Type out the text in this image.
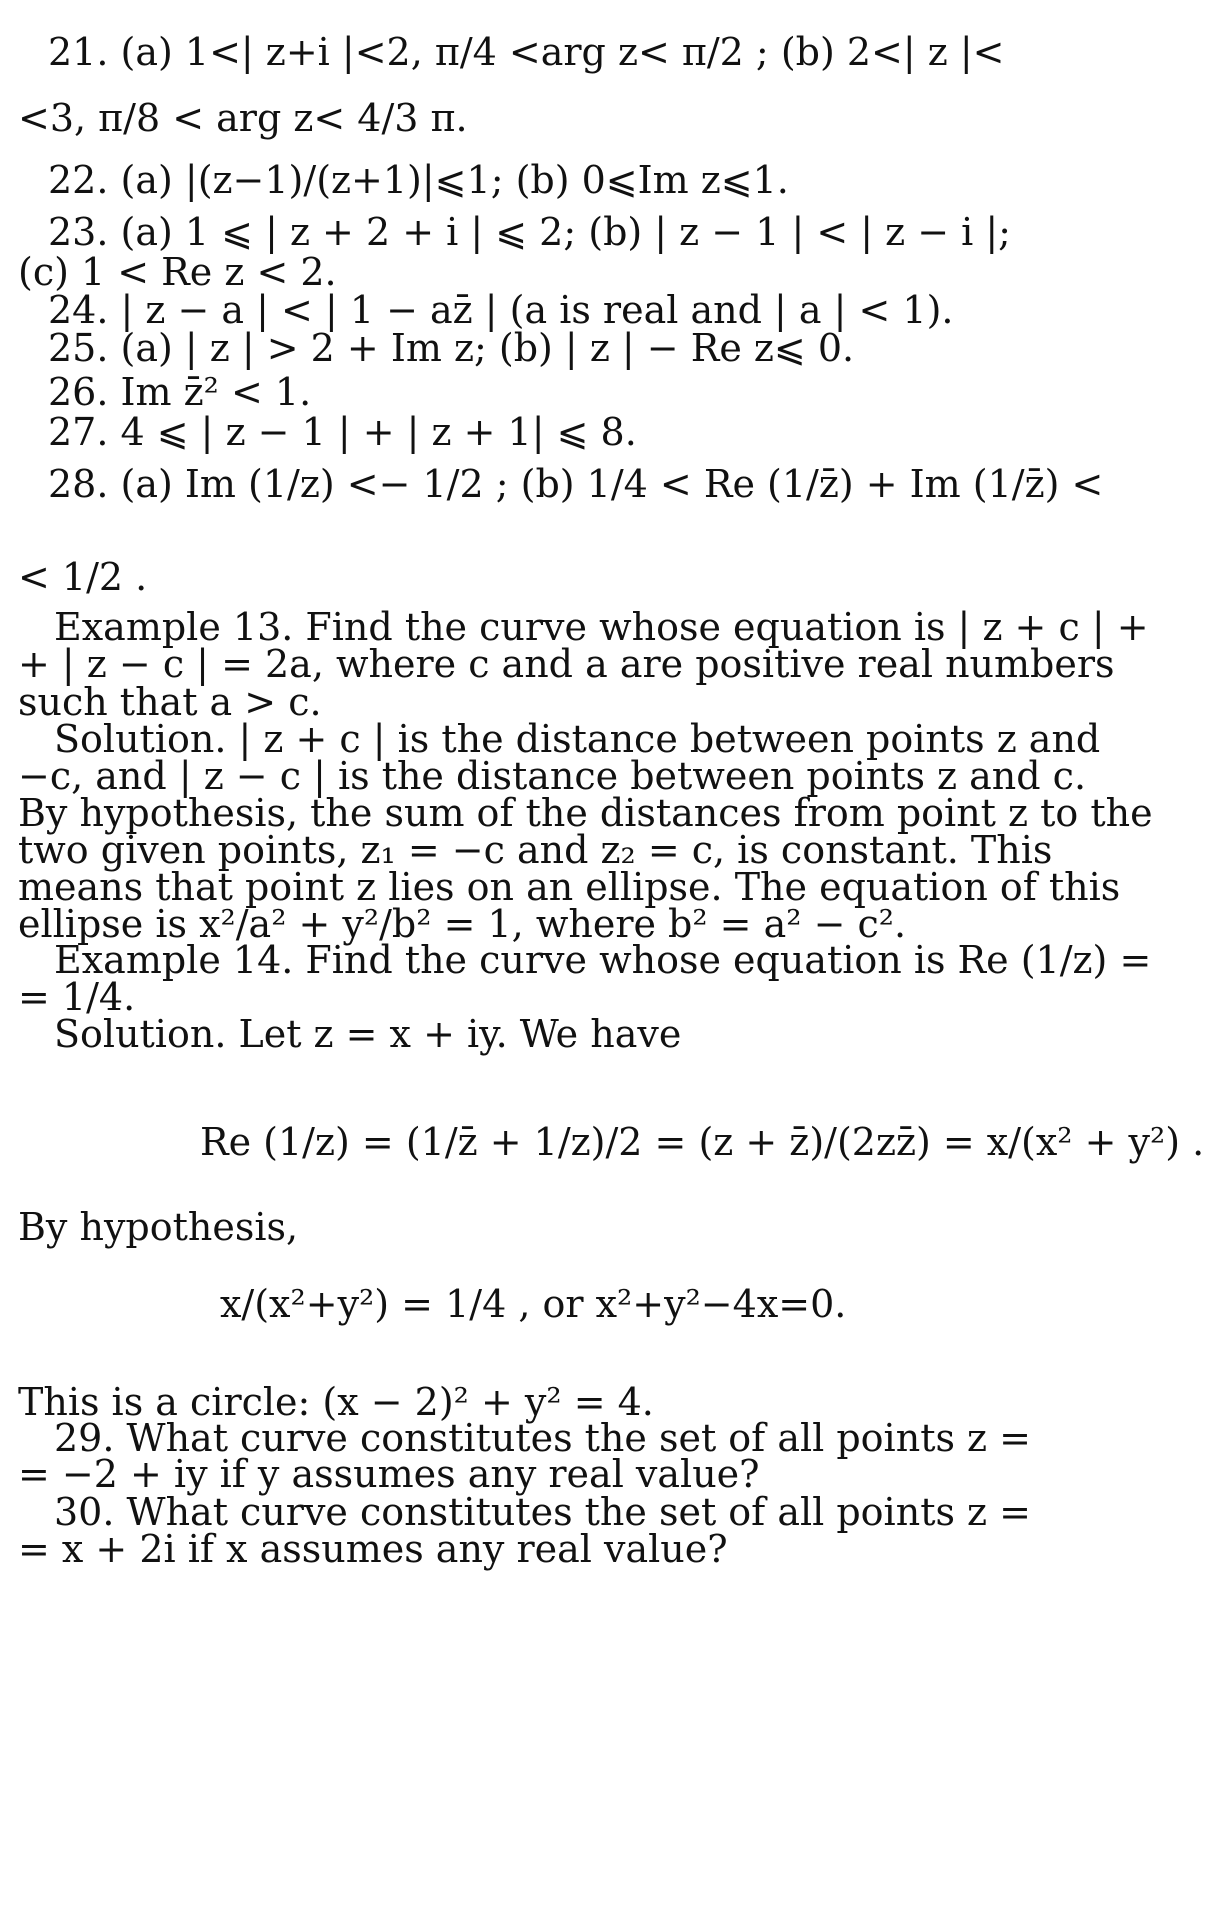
21. (a) 1<| z+i |<2, π/4 <arg z< π/2 ; (b) 2<| z |<
<3, π/8 < arg z< 4/3 π.
22. (a) |(z−1)/(z+1)|⩽1; (b) 0⩽Im z⩽1.
23. (a) 1 ⩽ | z + 2 + i | ⩽ 2; (b) | z − 1 | < | z − i |;
(c) 1 < Re z < 2.
24. | z − a | < | 1 − az̄ | (a is real and | a | < 1).
25. (a) | z | > 2 + Im z; (b) | z | − Re z⩽ 0.
26. Im z̄² < 1.
27. 4 ⩽ | z − 1 | + | z + 1| ⩽ 8.
28. (a) Im (1/z) <− 1/2 ; (b) 1/4 < Re (1/z̄) + Im (1/z̄) <
< 1/2 .
Example 13. Find the curve whose equation is | z + c | +
+ | z − c | = 2a, where c and a are positive real numbers
such that a > c.
Solution. | z + c | is the distance between points z and
−c, and | z − c | is the distance between points z and c.
By hypothesis, the sum of the distances from point z to the
two given points, z₁ = −c and z₂ = c, is constant. This
means that point z lies on an ellipse. The equation of this
ellipse is x²/a² + y²/b² = 1, where b² = a² − c².
Example 14. Find the curve whose equation is Re (1/z) =
= 1/4.
Solution. Let z = x + iy. We have
Re (1/z) = (1/z̄ + 1/z)/2 = (z + z̄)/(2zz̄) = x/(x² + y²) .
By hypothesis,
x/(x²+y²) = 1/4 , or x²+y²−4x=0.
This is a circle: (x − 2)² + y² = 4.
29. What curve constitutes the set of all points z =
= −2 + iy if y assumes any real value?
30. What curve constitutes the set of all points z =
= x + 2i if x assumes any real value?
